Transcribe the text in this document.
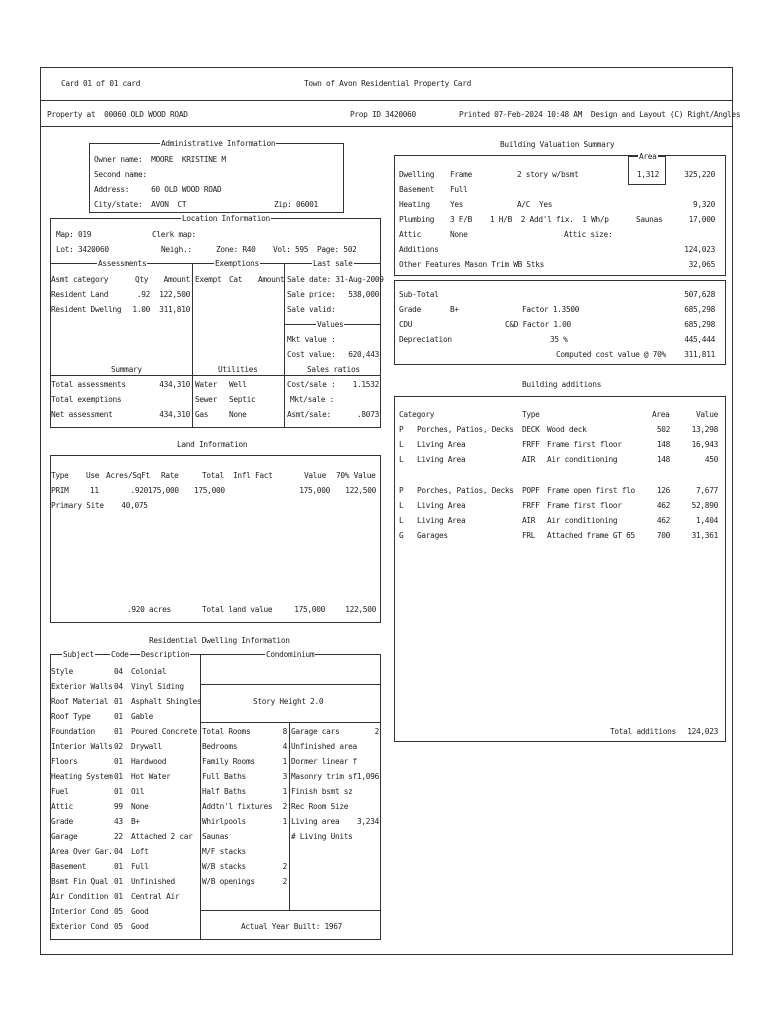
Card 01 of 01 card	Town of Avon Residential Property Card
Property at  00060 OLD WOOD ROAD	Prop ID 3420060	Printed 07-Feb-2024 10:48 AM  Design and Layout (C) Right/Angles
Administrative Information
Owner name:  MOORE  KRISTINE M
Second name:
Address:     60 OLD WOOD ROAD
City/state:  AVON  CT	Zip: 06001
Location Information
Map: 019	Clerk map:
Lot: 3420060	Neigh.:	Zone: R40 Vol: 595  Page: 502
Assessments
Asmt category	Qty	Amount
Resident Land	.92	122,500
Resident Dwellng	1.00	311,810
Exemptions
Exempt Cat Amount
Last sale
Sale date: 31-Aug-2009
Sale price:	538,000
Sale valid:
Values
Mkt value :
Cost value:	620,443
Summary
Total assessments	434,310
Total exemptions
Net assessment	434,310
Utilities
Water Well
Sewer Septic
Gas	None
Sales ratios
Cost/sale :	1.1532
Mkt/sale :
Asmt/sale:	.8073
Land Information
Type Use Acres/SqFt Rate	Total Infl Fact	Value 70% Value
PRIM	11	.920 175,000 175,000	175,000	122,500
Primary Site    40,075
.920 acres	Total land value	175,000	122,500
Residential Dwelling Information
Subject Code Description	Condominium
Story Height 2.0
Actual Year Built: 1967
Style	04 Colonial
Exterior Walls 04 Vinyl Siding
Roof Material 01 Asphalt Shingles
Roof Type	01 Gable
Foundation 01 Poured Concrete
Interior Walls 02 Drywall
Floors	01 Hardwood
Heating System 01 Hot Water
Fuel	01 Oil
Attic	99 None
Grade	43 B+
Garage	22 Attached 2 car
Area Over Gar. 04 Loft
Basement	01 Full
Bsmt Fin Qual 01 Unfinished
Air Condition 01 Central Air
Interior Cond 05 Good
Exterior Cond 05 Good
Total Rooms	8
Bedrooms	4
Family Rooms	1
Full Baths	3
Half Baths	1
Addtn'l fixtures	2
Whirlpools	1
Saunas
M/F stacks
W/B stacks	2
W/B openings	2
Garage cars	2
Unfinished area
Dormer linear f
Masonry trim sf 1,096
Finish bsmt sz
Rec Room Size
Living area	3,234
# Living Units
Building Valuation Summary
Area
1,312
Dwelling Frame	2 story w/bsmt	325,220
Basement Full
Heating	Yes	A/C  Yes	9,320
Plumbing 3 F/B 1 H/B  2 Add'l fix.  1 Wh/p	Saunas	17,000
Attic	None	Attic size:
Additions	124,023
Other Features Mason Trim WB Stks	32,065
Sub-Total	507,628
Grade	B+	Factor 1.3500	685,298
CDU	C&D Factor 1.00	685,298
Depreciation	35 %	445,444
Computed cost value @ 70%	311,811
Building additions
Category	Type	Area	Value
P Porches, Patios, Decks DECK Wood deck	502	13,298
L Living Area	FRFF Frame first floor	148	16,943
L Living Area	AIR Air conditioning	148	450
P Porches, Patios, Decks POPF Frame open first flo	126	7,677
L Living Area	FRFF Frame first floor	462	52,890
L Living Area	AIR Air conditioning	462	1,404
G Garages	FRL Attached frame GT 65	700	31,361
Total additions	124,023
